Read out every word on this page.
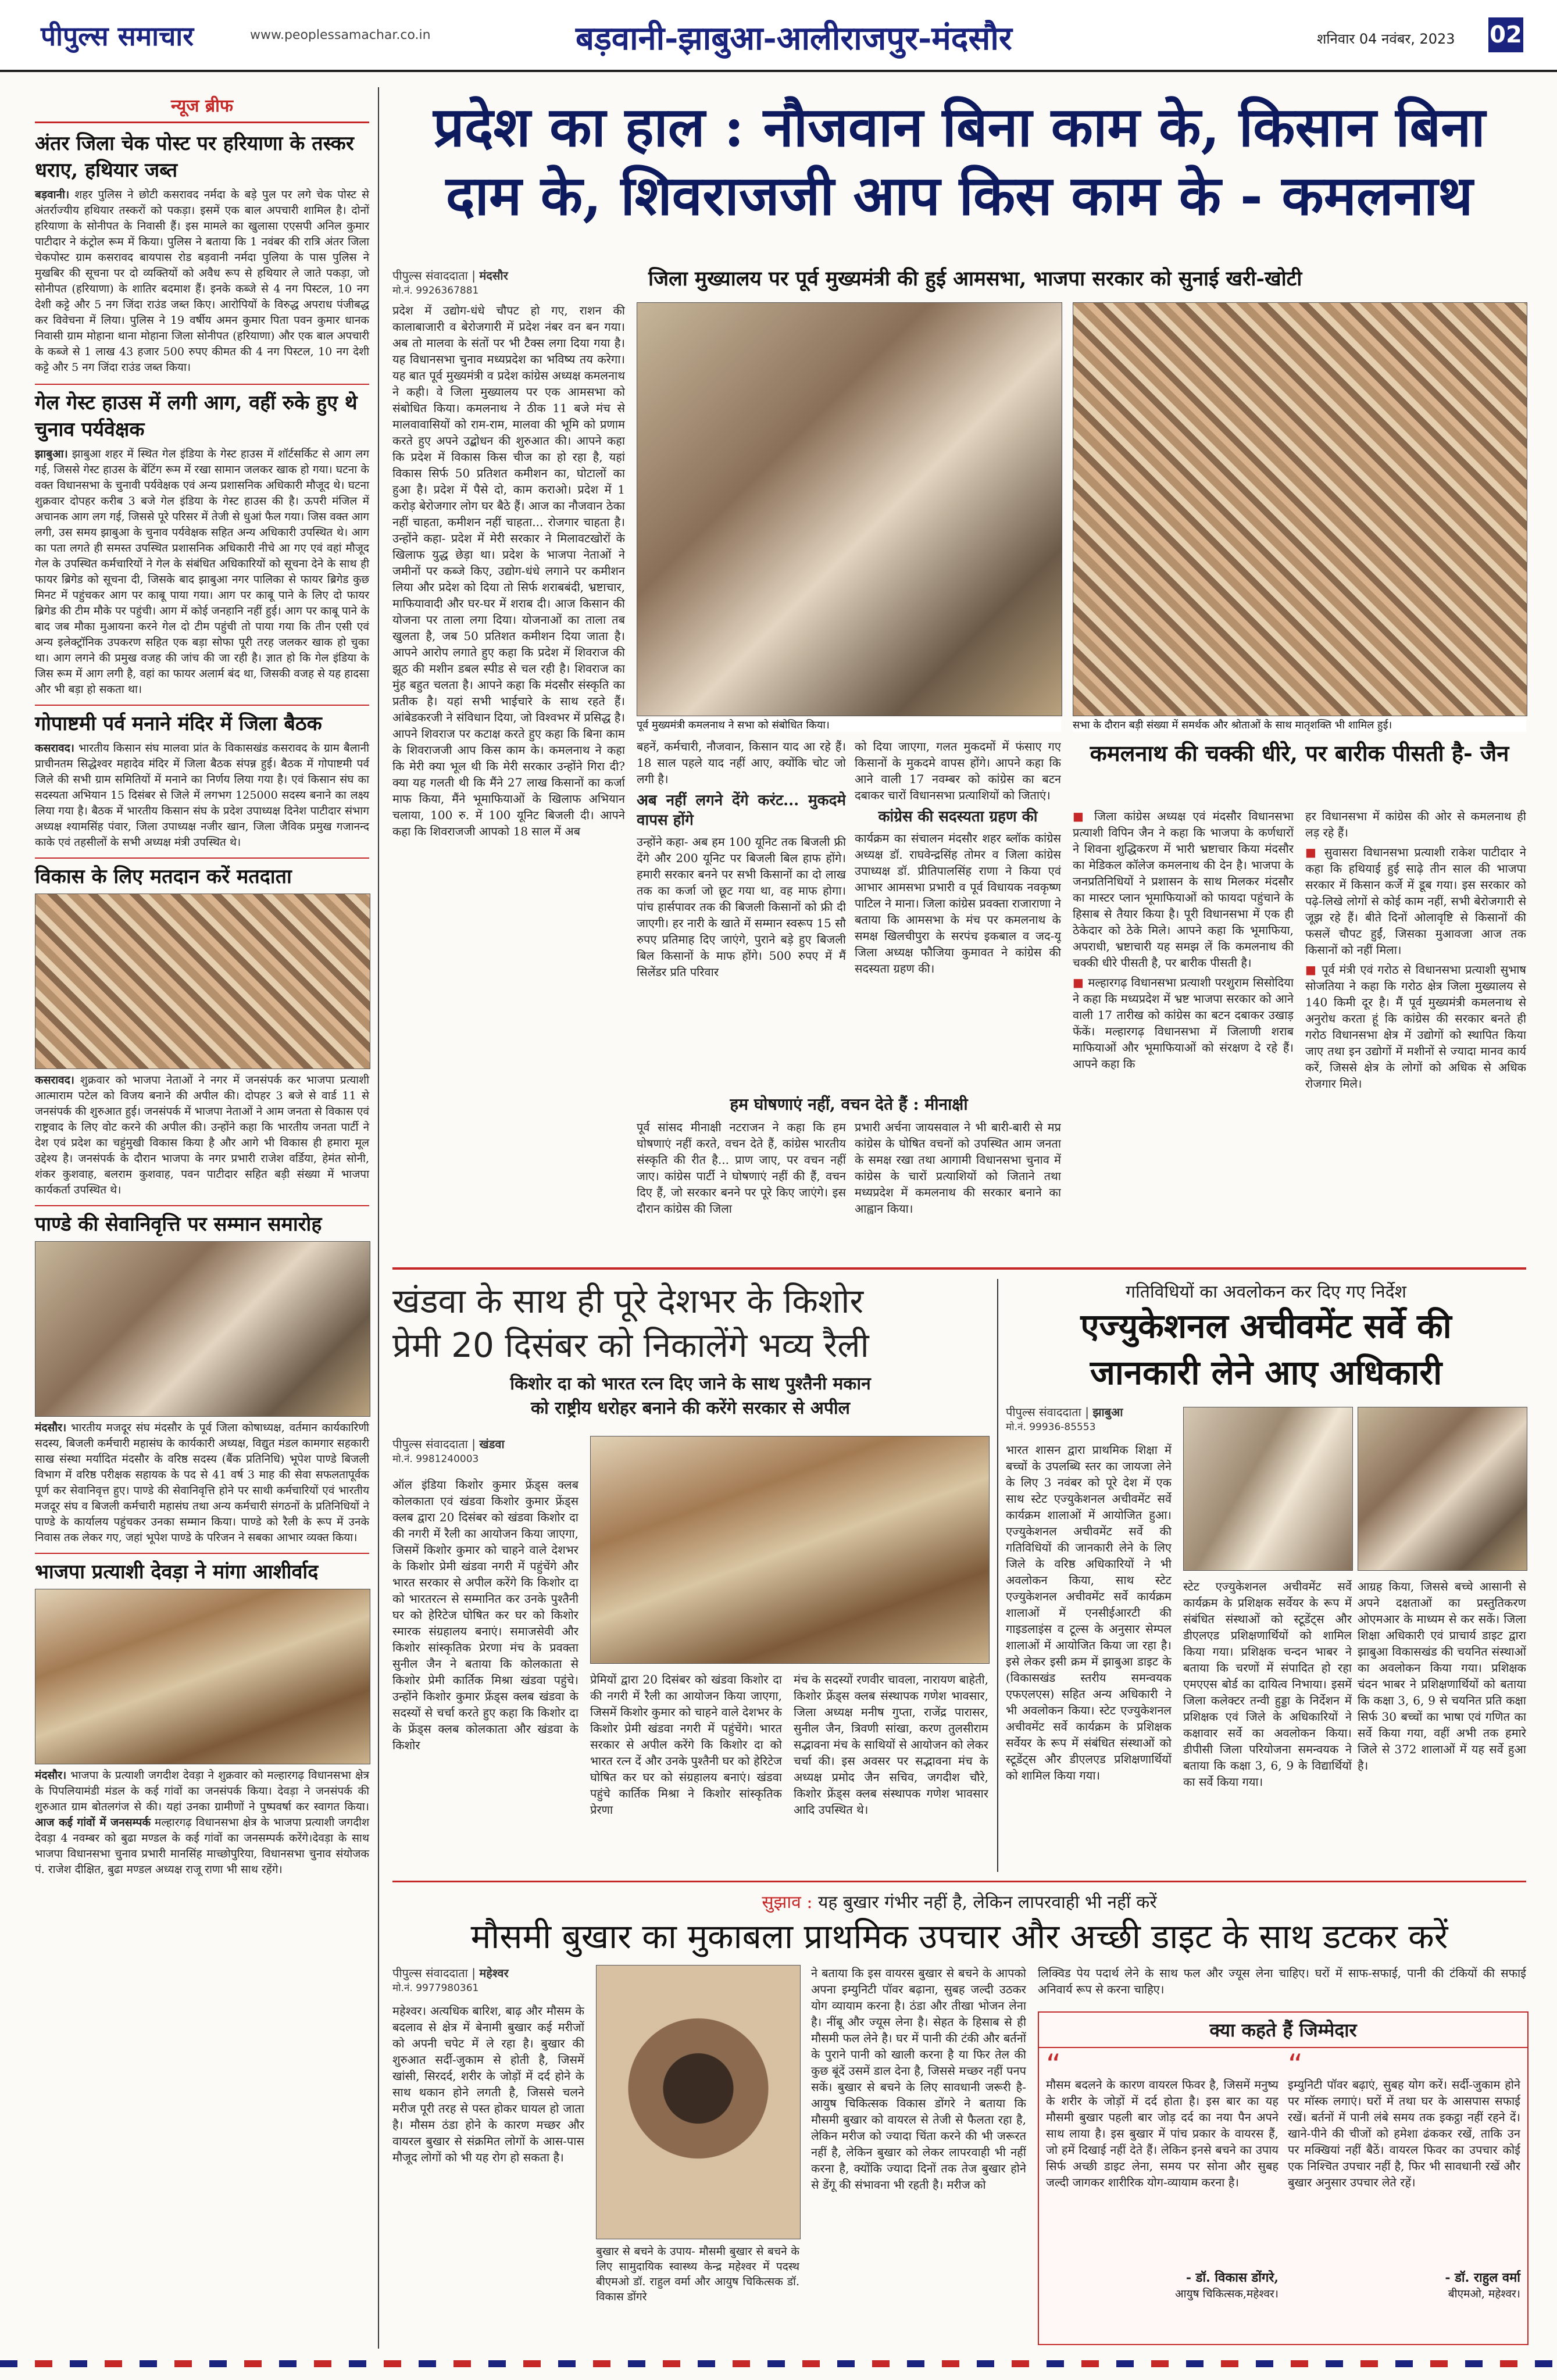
पीपुल्स समाचार	www.peoplessamachar.co.in	बड़वानी-झाबुआ-आलीराजपुर-मंदसौर	शनिवार 04 नवंबर, 2023 02
न्यूज ब्रीफ
अंतर जिला चेक पोस्ट पर हरियाणा के तस्कर धराए, हथियार जब्त
बड़वानी। शहर पुलिस ने छोटी कसरावद नर्मदा के बड़े पुल पर लगे चेक पोस्ट से अंतर्राज्यीय हथियार तस्करों को पकड़ा। इसमें एक बाल अपचारी शामिल है। दोनों हरियाणा के सोनीपत के निवासी हैं। इस मामले का खुलासा एएसपी अनिल कुमार पाटीदार ने कंट्रोल रूम में किया। पुलिस ने बताया कि 1 नवंबर की रात्रि अंतर जिला चेकपोस्ट ग्राम कसरावद बायपास रोड बड़वानी नर्मदा पुलिया के पास पुलिस ने मुखबिर की सूचना पर दो व्यक्तियों को अवैध रूप से हथियार ले जाते पकड़ा, जो सोनीपत (हरियाणा) के शातिर बदमाश हैं। इनके कब्जे से 4 नग पिस्टल, 10 नग देशी कट्टे और 5 नग जिंदा राउंड जब्त किए। आरोपियों के विरुद्ध अपराध पंजीबद्ध कर विवेचना में लिया। पुलिस ने 19 वर्षीय अमन कुमार पिता पवन कुमार धानक निवासी ग्राम मोहाना थाना मोहाना जिला सोनीपत (हरियाणा) और एक बाल अपचारी के कब्जे से 1 लाख 43 हजार 500 रुपए कीमत की 4 नग पिस्टल, 10 नग देशी कट्टे और 5 नग जिंदा राउंड जब्त किया।
गेल गेस्ट हाउस में लगी आग, वहीं रुके हुए थे चुनाव पर्यवेक्षक
झाबुआ। झाबुआ शहर में स्थित गेल इंडिया के गेस्ट हाउस में शॉर्टसर्किट से आग लग गई, जिससे गेस्ट हाउस के बेंटिंग रूम में रखा सामान जलकर खाक हो गया। घटना के वक्त विधानसभा के चुनावी पर्यवेक्षक एवं अन्य प्रशासनिक अधिकारी मौजूद थे। घटना शुक्रवार दोपहर करीब 3 बजे गेल इंडिया के गेस्ट हाउस की है। ऊपरी मंजिल में अचानक आग लग गई, जिससे पूरे परिसर में तेजी से धुआं फैल गया। जिस वक्त आग लगी, उस समय झाबुआ के चुनाव पर्यवेक्षक सहित अन्य अधिकारी उपस्थित थे। आग का पता लगते ही समस्त उपस्थित प्रशासनिक अधिकारी नीचे आ गए एवं वहां मौजूद गेल के उपस्थित कर्मचारियों ने गेल के संबंधित अधिकारियों को सूचना देने के साथ ही फायर ब्रिगेड को सूचना दी, जिसके बाद झाबुआ नगर पालिका से फायर ब्रिगेड कुछ मिनट में पहुंचकर आग पर काबू पाया गया। आग पर काबू पाने के लिए दो फायर ब्रिगेड की टीम मौके पर पहुंची। आग में कोई जनहानि नहीं हुई। आग पर काबू पाने के बाद जब मौका मुआयना करने गेल दो टीम पहुंची तो पाया गया कि तीन एसी एवं अन्य इलेक्ट्रॉनिक उपकरण सहित एक बड़ा सोफा पूरी तरह जलकर खाक हो चुका था। आग लगने की प्रमुख वजह की जांच की जा रही है। ज्ञात हो कि गेल इंडिया के जिस रूम में आग लगी है, वहां का फायर अलार्म बंद था, जिसकी वजह से यह हादसा और भी बड़ा हो सकता था।
गोपाष्टमी पर्व मनाने मंदिर में जिला बैठक
कसरावद। भारतीय किसान संघ मालवा प्रांत के विकासखंड कसरावद के ग्राम बैलानी प्राचीनतम सिद्धेश्वर महादेव मंदिर में जिला बैठक संपन्न हुई। बैठक में गोपाष्टमी पर्व जिले की सभी ग्राम समितियों में मनाने का निर्णय लिया गया है। एवं किसान संघ का सदस्यता अभियान 15 दिसंबर से जिले में लगभग 125000 सदस्य बनाने का लक्ष्य लिया गया है। बैठक में भारतीय किसान संघ के प्रदेश उपाध्यक्ष दिनेश पाटीदार संभाग अध्यक्ष श्यामसिंह पंवार, जिला उपाध्यक्ष नजीर खान, जिला जैविक प्रमुख गजानन्द काके एवं तहसीलों के सभी अध्यक्ष मंत्री उपस्थित थे।
विकास के लिए मतदान करें मतदाता
कसरावद। शुक्रवार को भाजपा नेताओं ने नगर में जनसंपर्क कर भाजपा प्रत्याशी आत्माराम पटेल को विजय बनाने की अपील की। दोपहर 3 बजे से वार्ड 11 से जनसंपर्क की शुरुआत हुई। जनसंपर्क में भाजपा नेताओं ने आम जनता से विकास एवं राष्ट्रवाद के लिए वोट करने की अपील की। उन्होंने कहा कि भारतीय जनता पार्टी ने देश एवं प्रदेश का चहुंमुखी विकास किया है और आगे भी विकास ही हमारा मूल उद्देश्य है। जनसंपर्क के दौरान भाजपा के नगर प्रभारी राजेश वर्डिया, हेमंत सोनी, शंकर कुशवाह, बलराम कुशवाह, पवन पाटीदार सहित बड़ी संख्या में भाजपा कार्यकर्ता उपस्थित थे।
पाण्डे की सेवानिवृत्ति पर सम्मान समारोह
मंदसौर। भारतीय मजदूर संघ मंदसौर के पूर्व जिला कोषाध्यक्ष, वर्तमान कार्यकारिणी सदस्य, बिजली कर्मचारी महासंघ के कार्यकारी अध्यक्ष, विद्युत मंडल कामगार सहकारी साख संस्था मर्यादित मंदसौर के वरिष्ठ सदस्य (बैंक प्रतिनिधि) भूपेश पाण्डे बिजली विभाग में वरिष्ठ परीक्षक सहायक के पद से 41 वर्ष 3 माह की सेवा सफलतापूर्वक पूर्ण कर सेवानिवृत्त हुए। पाण्डे की सेवानिवृत्ति होने पर साथी कर्मचारियों एवं भारतीय मजदूर संघ व बिजली कर्मचारी महासंघ तथा अन्य कर्मचारी संगठनों के प्रतिनिधियों ने पाण्डे के कार्यालय पहुंचकर उनका सम्मान किया। पाण्डे को रैली के रूप में उनके निवास तक लेकर गए, जहां भूपेश पाण्डे के परिजन ने सबका आभार व्यक्त किया।
भाजपा प्रत्याशी देवड़ा ने मांगा आशीर्वाद
मंदसौर। भाजपा के प्रत्याशी जगदीश देवड़ा ने शुक्रवार को मल्हारगढ़ विधानसभा क्षेत्र के पिपलियामंडी मंडल के कई गांवों का जनसंपर्क किया। देवड़ा ने जनसंपर्क की शुरुआत ग्राम बोतलगंज से की। यहां उनका ग्रामीणों ने पुष्पवर्षा कर स्वागत किया। आज कई गांवों में जनसम्पर्क मल्हारगढ़ विधानसभा क्षेत्र के भाजपा प्रत्याशी जगदीश देवड़ा 4 नवम्बर को बुढा मण्डल के कई गांवों का जनसम्पर्क करेंगे।देवड़ा के साथ भाजपा विधानसभा चुनाव प्रभारी मानसिंह माच्छोपुरिया, विधानसभा चुनाव संयोजक पं. राजेश दीक्षित, बुढा मण्डल अध्यक्ष राजू राणा भी साथ रहेंगे।
प्रदेश का हाल : नौजवान बिना काम के, किसान बिना
दाम के, शिवराजजी आप किस काम के - कमलनाथ
पीपुल्स संवाददाता | मंदसौर
मो.नं. 9926367881	जिला मुख्यालय पर पूर्व मुख्यमंत्री की हुई आमसभा, भाजपा सरकार को सुनाई खरी-खोटी
पूर्व मुख्यमंत्री कमलनाथ ने सभा को संबोधित किया।	सभा के दौरान बड़ी संख्या में समर्थक और श्रोताओं के साथ मातृशक्ति भी शामिल हुई।
प्रदेश में उद्योग-धंधे चौपट हो गए, राशन की कालाबाजारी व बेरोजगारी में प्रदेश नंबर वन बन गया। अब तो मालवा के संतों पर भी टैक्स लगा दिया गया है। यह विधानसभा चुनाव मध्यप्रदेश का भविष्य तय करेगा। यह बात पूर्व मुख्यमंत्री व प्रदेश कांग्रेस अध्यक्ष कमलनाथ ने कही। वे जिला मुख्यालय पर एक आमसभा को संबोधित किया। कमलनाथ ने ठीक 11 बजे मंच से मालवावासियों को राम-राम, मालवा की भूमि को प्रणाम करते हुए अपने उद्बोधन की शुरुआत की। आपने कहा कि प्रदेश में विकास किस चीज का हो रहा है, यहां विकास सिर्फ 50 प्रतिशत कमीशन का, घोटालों का हुआ है। प्रदेश में पैसे दो, काम कराओ। प्रदेश में 1 करोड़ बेरोजगार लोग घर बैठे हैं। आज का नौजवान ठेका नहीं चाहता, कमीशन नहीं चाहता... रोजगार चाहता है। उन्होंने कहा- प्रदेश में मेरी सरकार ने मिलावटखोरों के खिलाफ युद्ध छेड़ा था। प्रदेश के भाजपा नेताओं ने जमीनों पर कब्जे किए, उद्योग-धंधे लगाने पर कमीशन लिया और प्रदेश को दिया तो सिर्फ शराबबंदी, भ्रष्टाचार, माफियावादी और घर-घर में शराब दी। आज किसान की योजना पर ताला लगा दिया। योजनाओं का ताला तब खुलता है, जब 50 प्रतिशत कमीशन दिया जाता है। आपने आरोप लगाते हुए कहा कि प्रदेश में शिवराज की झूठ की मशीन डबल स्पीड से चल रही है। शिवराज का मुंह बहुत चलता है। आपने कहा कि मंदसौर संस्कृति का प्रतीक है। यहां सभी भाईचारे के साथ रहते हैं। आंबेडकरजी ने संविधान दिया, जो विश्वभर में प्रसिद्ध है। आपने शिवराज पर कटाक्ष करते हुए कहा कि बिना काम के शिवराजजी आप किस काम के। कमलनाथ ने कहा कि मेरी क्या भूल थी कि मेरी सरकार उन्होंने गिरा दी? क्या यह गलती थी कि मैंने 27 लाख किसानों का कर्जा माफ किया, मैंने भूमाफियाओं के खिलाफ अभियान चलाया, 100 रु. में 100 यूनिट बिजली दी। आपने कहा कि शिवराजजी आपको 18 साल में अब

बहनें, कर्मचारी, नौजवान, किसान याद आ रहे हैं। 18 साल पहले याद नहीं आए, क्योंकि चोट जो लगी है।

अब नहीं लगने देंगे करंट... मुकदमे वापस होंगे

उन्होंने कहा- अब हम 100 यूनिट तक बिजली फ्री देंगे और 200 यूनिट पर बिजली बिल हाफ होंगे। हमारी सरकार बनने पर सभी किसानों का दो लाख तक का कर्जा जो छूट गया था, वह माफ होगा। पांच हार्सपावर तक की बिजली किसानों को फ्री दी जाएगी। हर नारी के खाते में सम्मान स्वरूप 15 सौ रुपए प्रतिमाह दिए जाएंगे, पुराने बड़े हुए बिजली बिल किसानों के माफ होंगे। 500 रुपए में मैं सिलेंडर प्रति परिवार

को दिया जाएगा, गलत मुकदमों में फंसाए गए किसानों के मुकदमे वापस होंगे। आपने कहा कि आने वाली 17 नवम्बर को कांग्रेस का बटन दबाकर चारों विधानसभा प्रत्याशियों को जिताएं।

कांग्रेस की सदस्यता ग्रहण की

कार्यक्रम का संचालन मंदसौर शहर ब्लॉक कांग्रेस अध्यक्ष डॉ. राघवेन्द्रसिंह तोमर व जिला कांग्रेस उपाध्यक्ष डॉ. प्रीतिपालसिंह राणा ने किया एवं आभार आमसभा प्रभारी व पूर्व विधायक नवकृष्ण पाटिल ने माना। जिला कांग्रेस प्रवक्ता राजाराणा ने बताया कि आमसभा के मंच पर कमलनाथ के समक्ष खिलचीपुरा के सरपंच इकबाल व जद-यू जिला अध्यक्ष फौजिया कुमावत ने कांग्रेस की सदस्यता ग्रहण की।

हम घोषणाएं नहीं, वचन देते हैं : मीनाक्षी
पूर्व सांसद मीनाक्षी नटराजन ने कहा कि हम घोषणाएं नहीं करते, वचन देते हैं, कांग्रेस भारतीय संस्कृति की रीत है... प्राण जाए, पर वचन नहीं जाए। कांग्रेस पार्टी ने घोषणाएं नहीं की हैं, वचन दिए हैं, जो सरकार बनने पर पूरे किए जाएंगे। इस दौरान कांग्रेस की जिला
प्रभारी अर्चना जायसवाल ने भी बारी-बारी से मप्र कांग्रेस के घोषित वचनों को उपस्थित आम जनता के समक्ष रखा तथा आगामी विधानसभा चुनाव में कांग्रेस के चारों प्रत्याशियों को जिताने तथा मध्यप्रदेश में कमलनाथ की सरकार बनाने का आह्वान किया।
कमलनाथ की चक्की धीरे, पर बारीक पीसती है- जैन

■ जिला कांग्रेस अध्यक्ष एवं मंदसौर विधानसभा प्रत्याशी विपिन जैन ने कहा कि भाजपा के कर्णधारों ने शिवना शुद्धिकरण में भारी भ्रष्टाचार किया मंदसौर का मेडिकल कॉलेज कमलनाथ की देन है। भाजपा के जनप्रतिनिधियों ने प्रशासन के साथ मिलकर मंदसौर का मास्टर प्लान भूमाफियाओं को फायदा पहुंचाने के हिसाब से तैयार किया है। पूरी विधानसभा में एक ही ठेकेदार को ठेके मिले। आपने कहा कि भूमाफिया, अपराधी, भ्रष्टाचारी यह समझ लें कि कमलनाथ की चक्की धीरे पीसती है, पर बारीक पीसती है।

■ मल्हारगढ़ विधानसभा प्रत्याशी परशुराम सिसोदिया ने कहा कि मध्यप्रदेश में भ्रष्ट भाजपा सरकार को आने वाली 17 तारीख को कांग्रेस का बटन दबाकर उखाड़ फेंकें। मल्हारगढ़ विधानसभा में जिलाणी शराब माफियाओं और भूमाफियाओं को संरक्षण दे रहे हैं। आपने कहा कि

हर विधानसभा में कांग्रेस की ओर से कमलनाथ ही लड़ रहे हैं।

■ सुवासरा विधानसभा प्रत्याशी राकेश पाटीदार ने कहा कि हथियाई हुई साढ़े तीन साल की भाजपा सरकार में किसान कर्जे में डूब गया। इस सरकार को पढ़े-लिखे लोगों से कोई काम नहीं, सभी बेरोजगारी से जूझ रहे हैं। बीते दिनों ओलावृष्टि से किसानों की फसलें चौपट हुईं, जिसका मुआवजा आज तक किसानों को नहीं मिला।

■ पूर्व मंत्री एवं गरोठ से विधानसभा प्रत्याशी सुभाष सोजतिया ने कहा कि गरोठ क्षेत्र जिला मुख्यालय से 140 किमी दूर है। मैं पूर्व मुख्यमंत्री कमलनाथ से अनुरोध करता हूं कि कांग्रेस की सरकार बनते ही गरोठ विधानसभा क्षेत्र में उद्योगों को स्थापित किया जाए तथा इन उद्योगों में मशीनों से ज्यादा मानव कार्य करें, जिससे क्षेत्र के लोगों को अधिक से अधिक रोजगार मिले।

खंडवा के साथ ही पूरे देशभर के किशोर
प्रेमी 20 दिसंबर को निकालेंगे भव्य रैली
किशोर दा को भारत रत्न दिए जाने के साथ पुश्तैनी मकान
को राष्ट्रीय धरोहर बनाने की करेंगे सरकार से अपील
पीपुल्स संवाददाता | खंडवा
मो.नं. 9981240003
ऑल इंडिया किशोर कुमार फ्रेंड्स क्लब कोलकाता एवं खंडवा किशोर कुमार फ्रेंड्स क्लब द्वारा 20 दिसंबर को खंडवा किशोर दा की नगरी में रैली का आयोजन किया जाएगा, जिसमें किशोर कुमार को चाहने वाले देशभर के किशोर प्रेमी खंडवा नगरी में पहुंचेंगे और भारत सरकार से अपील करेंगे कि किशोर दा को भारतरत्न से सम्मानित कर उनके पुश्तैनी घर को हेरिटेज घोषित कर घर को किशोर स्मारक संग्रहालय बनाएं। समाजसेवी और किशोर सांस्कृतिक प्रेरणा मंच के प्रवक्ता सुनील जैन ने बताया कि कोलकाता से किशोर प्रेमी कार्तिक मिश्रा खंडवा पहुंचे। उन्होंने किशोर कुमार फ्रेंड्स क्लब खंडवा के सदस्यों से चर्चा करते हुए कहा कि किशोर दा के फ्रेंड्स क्लब कोलकाता और खंडवा के किशोर
प्रेमियों द्वारा 20 दिसंबर को खंडवा किशोर दा की नगरी में रैली का आयोजन किया जाएगा, जिसमें किशोर कुमार को चाहने वाले देशभर के किशोर प्रेमी खंडवा नगरी में पहुंचेंगे। भारत सरकार से अपील करेंगे कि किशोर दा को भारत रत्न दें और उनके पुश्तैनी घर को हेरिटेज घोषित कर घर को संग्रहालय बनाएं। खंडवा पहुंचे कार्तिक मिश्रा ने किशोर सांस्कृतिक प्रेरणा
मंच के सदस्यों रणवीर चावला, नारायण बाहेती, किशोर फ्रेंड्स क्लब संस्थापक गणेश भावसार, जिला अध्यक्ष मनीष गुप्ता, राजेंद्र पारासर, सुनील जैन, त्रिवणी सांखा, करण तुलसीराम सद्भावना मंच के साथियों से आयोजन को लेकर चर्चा की। इस अवसर पर सद्भावना मंच के अध्यक्ष प्रमोद जैन सचिव, जगदीश चौरे, किशोर फ्रेंड्स क्लब संस्थापक गणेश भावसार आदि उपस्थित थे।
गतिविधियों का अवलोकन कर दिए गए निर्देश
एज्युकेशनल अचीवमेंट सर्वे की
जानकारी लेने आए अधिकारी
पीपुल्स संवाददाता | झाबुआ
मो.नं. 99936-85553
भारत शासन द्वारा प्राथमिक शिक्षा में बच्चों के उपलब्धि स्तर का जायजा लेने के लिए 3 नवंबर को पूरे देश में एक साथ स्टेट एज्युकेशनल अचीवमेंट सर्वे कार्यक्रम शालाओं में आयोजित हुआ। एज्युकेशनल अचीवमेंट सर्वे की गतिविधियों की जानकारी लेने के लिए जिले के वरिष्ठ अधिकारियों ने भी अवलोकन किया, साथ स्टेट एज्युकेशनल अचीवमेंट सर्वे कार्यक्रम शालाओं में एनसीईआरटी की गाइडलाइंस व टूल्स के अनुसार सेम्पल शालाओं में आयोजित किया जा रहा है। इसे लेकर इसी क्रम में झाबुआ डाइट के (विकासखंड स्तरीय समन्वयक एफएलएस) सहित अन्य अधिकारी ने भी अवलोकन किया। स्टेट एज्युकेशनल अचीवमेंट सर्वे कार्यक्रम के प्रशिक्षक सर्वेयर के रूप में संबंधित संस्थाओं को स्टूडेंट्स और डीएलएड प्रशिक्षणार्थियों को शामिल किया गया।
स्टेट एज्युकेशनल अचीवमेंट सर्वे कार्यक्रम के प्रशिक्षक सर्वेयर के रूप में संबंधित संस्थाओं को स्टूडेंट्स और डीएलएड प्रशिक्षणार्थियों को शामिल किया गया। प्रशिक्षक चन्दन भाबर ने बताया कि चरणों में संपादित हो रहा एमएएस बोर्ड का दायित्व निभाया। इसमें जिला कलेक्टर तन्वी हुड्डा के निर्देशन में प्रशिक्षक एवं जिले के अधिकारियों ने कक्षावार सर्वे का अवलोकन किया। डीपीसी जिला परियोजना समन्वयक ने बताया कि कक्षा 3, 6, 9 के विद्यार्थियों का सर्वे किया गया।
आग्रह किया, जिससे बच्चे आसानी से अपने दक्षताओं का प्रस्तुतिकरण ओएमआर के माध्यम से कर सकें। जिला शिक्षा अधिकारी एवं प्राचार्य डाइट द्वारा झाबुआ विकासखंड की चयनित संस्थाओं का अवलोकन किया गया। प्रशिक्षक चंदन भाबर ने प्रशिक्षणार्थियों को बताया कि कक्षा 3, 6, 9 से चयनित प्रति कक्षा सिर्फ 30 बच्चों का भाषा एवं गणित का सर्वे किया गया, वहीं अभी तक हमारे जिले से 372 शालाओं में यह सर्वे हुआ है।
सुझाव : यह बुखार गंभीर नहीं है, लेकिन लापरवाही भी नहीं करें
मौसमी बुखार का मुकाबला प्राथमिक उपचार और अच्छी डाइट के साथ डटकर करें
पीपुल्स संवाददाता | महेश्वर
मो.नं. 9977980361
महेश्वर। अत्यधिक बारिश, बाढ़ और मौसम के बदलाव से क्षेत्र में बेनामी बुखार कई मरीजों को अपनी चपेट में ले रहा है। बुखार की शुरुआत सर्दी-जुकाम से होती है, जिसमें खांसी, सिरदर्द, शरीर के जोड़ों में दर्द होने के साथ थकान होने लगती है, जिससे चलने मरीज पूरी तरह से पस्त होकर घायल हो जाता है। मौसम ठंडा होने के कारण मच्छर और वायरल बुखार से संक्रमित लोगों के आस-पास मौजूद लोगों को भी यह रोग हो सकता है।
बुखार से बचने के उपाय- मौसमी बुखार से बचने के लिए सामुदायिक स्वास्थ्य केन्द्र महेश्वर में पदस्थ बीएमओ डॉ. राहुल वर्मा और आयुष चिकित्सक डॉ. विकास डोंगरे
ने बताया कि इस वायरस बुखार से बचने के आपको अपना इम्युनिटी पॉवर बढ़ाना, सुबह जल्दी उठकर योग व्यायाम करना है। ठंडा और तीखा भोजन लेना है। नींबू और ज्यूस लेना है। सेहत के हिसाब से ही मौसमी फल लेने है। घर में पानी की टंकी और बर्तनों के पुराने पानी को खाली करना है या फिर तेल की कुछ बूंदें उसमें डाल देना है, जिससे मच्छर नहीं पनप सकें। बुखार से बचने के लिए सावधानी जरूरी है- आयुष चिकित्सक विकास डोंगरे ने बताया कि मौसमी बुखार को वायरल से तेजी से फैलता रहा है, लेकिन मरीज को ज्यादा चिंता करने की भी जरूरत नहीं है, लेकिन बुखार को लेकर लापरवाही भी नहीं करना है, क्योंकि ज्यादा दिनों तक तेज बुखार होने से डेंगू की संभावना भी रहती है। मरीज को
लिक्विड पेय पदार्थ लेने के साथ फल और ज्यूस लेना चाहिए। घरों में साफ-सफाई, पानी की टंकियों की सफाई अनिवार्य रूप से करना चाहिए।
क्या कहते हैं जिम्मेदार
“
मौसम बदलने के कारण वायरल फिवर है, जिसमें मनुष्य के शरीर के जोड़ों में दर्द होता है। इस बार का यह मौसमी बुखार पहली बार जोड़ दर्द का नया पैन अपने साथ लाया है। इस बुखार में पांच प्रकार के वायरस हैं, जो हमें दिखाई नहीं देते हैं। लेकिन इनसे बचने का उपाय सिर्फ अच्छी डाइट लेना, समय पर सोना और सुबह जल्दी जागकर शारीरिक योग-व्यायाम करना है।
- डॉ. विकास डोंगरे,
आयुष चिकित्सक,महेश्वर।
“
इम्युनिटी पॉवर बढ़ाएं, सुबह योग करें। सर्दी-जुकाम होने पर मॉस्क लगाएं। घरों में तथा घर के आसपास सफाई रखें। बर्तनों में पानी लंबे समय तक इकट्ठा नहीं रहने दें। खाने-पीने की चीजों को हमेशा ढंककर रखें, ताकि उन पर मक्खियां नहीं बैठें। वायरल फिवर का उपचार कोई एक निश्चित उपचार नहीं है, फिर भी सावधानी रखें और बुखार अनुसार उपचार लेते रहें।
- डॉ. राहुल वर्मा
बीएमओ, महेश्वर।
